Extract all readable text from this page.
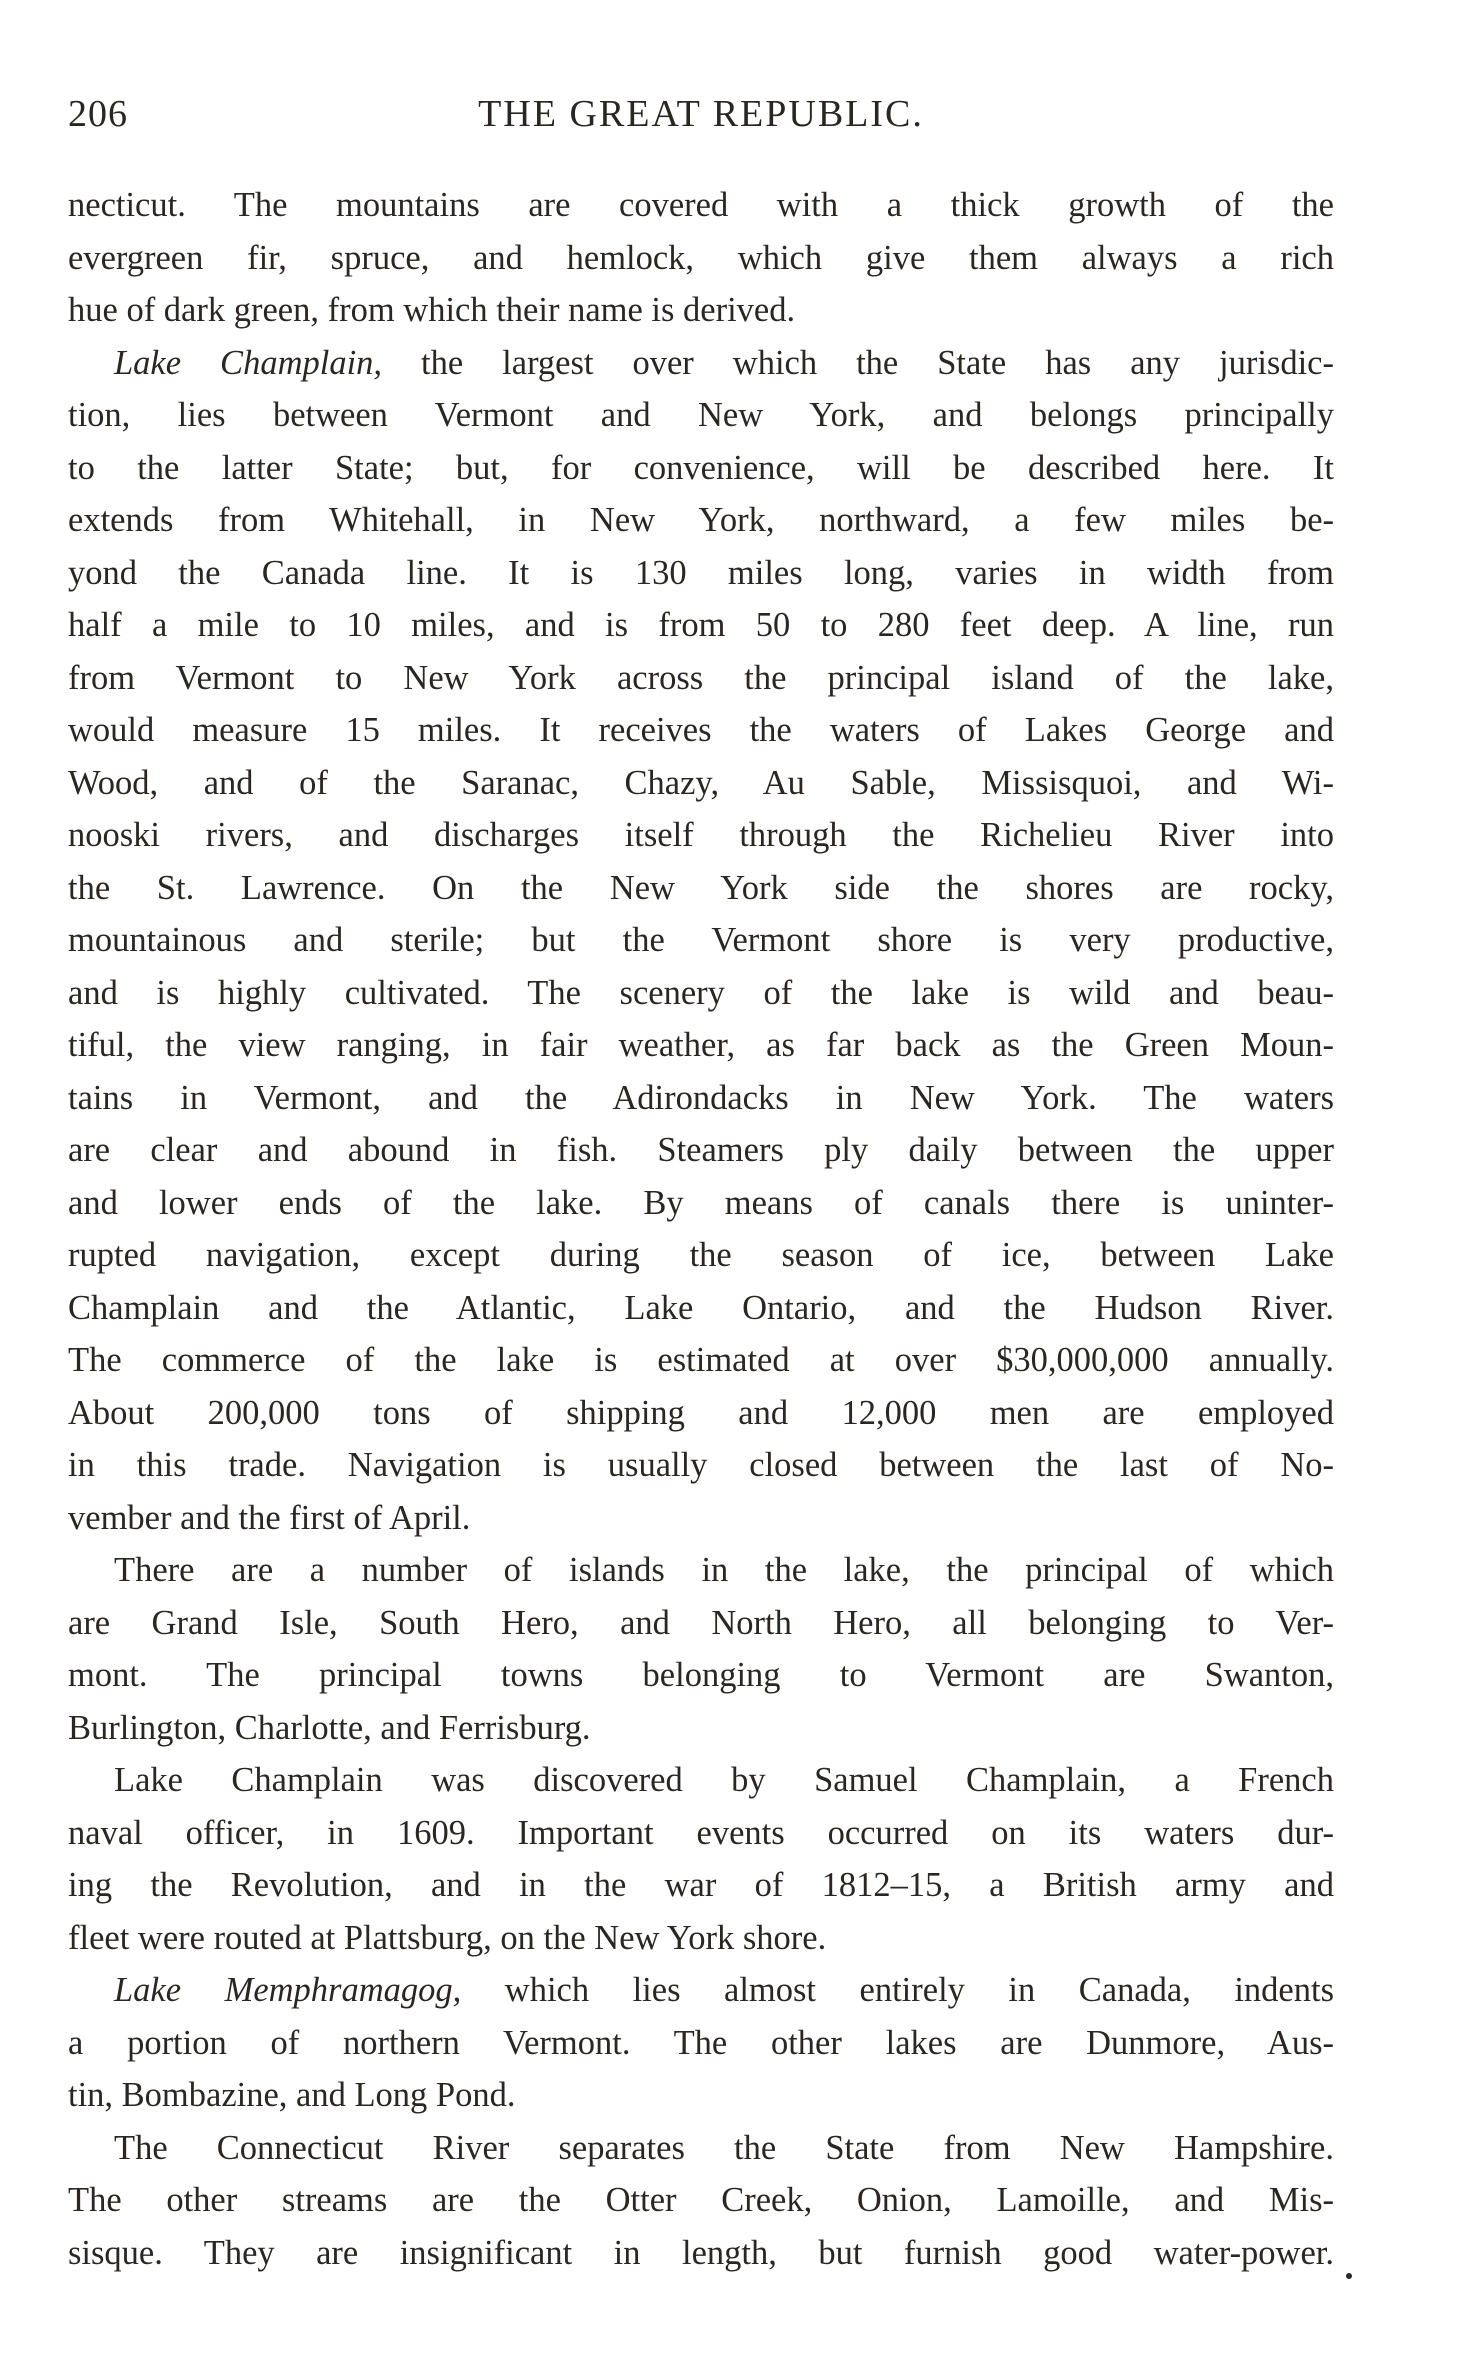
206	THE GREAT REPUBLIC.
necticut. The mountains are covered with a thick growth of the
evergreen fir, spruce, and hemlock, which give them always a rich
hue of dark green, from which their name is derived.
Lake Champlain, the largest over which the State has any jurisdic-
tion, lies between Vermont and New York, and belongs principally
to the latter State; but, for convenience, will be described here. It
extends from Whitehall, in New York, northward, a few miles be-
yond the Canada line. It is 130 miles long, varies in width from
half a mile to 10 miles, and is from 50 to 280 feet deep. A line, run
from Vermont to New York across the principal island of the lake,
would measure 15 miles. It receives the waters of Lakes George and
Wood, and of the Saranac, Chazy, Au Sable, Missisquoi, and Wi-
nooski rivers, and discharges itself through the Richelieu River into
the St. Lawrence. On the New York side the shores are rocky,
mountainous and sterile; but the Vermont shore is very productive,
and is highly cultivated. The scenery of the lake is wild and beau-
tiful, the view ranging, in fair weather, as far back as the Green Moun-
tains in Vermont, and the Adirondacks in New York. The waters
are clear and abound in fish. Steamers ply daily between the upper
and lower ends of the lake. By means of canals there is uninter-
rupted navigation, except during the season of ice, between Lake
Champlain and the Atlantic, Lake Ontario, and the Hudson River.
The commerce of the lake is estimated at over $30,000,000 annually.
About 200,000 tons of shipping and 12,000 men are employed
in this trade. Navigation is usually closed between the last of No-
vember and the first of April.
There are a number of islands in the lake, the principal of which
are Grand Isle, South Hero, and North Hero, all belonging to Ver-
mont. The principal towns belonging to Vermont are Swanton,
Burlington, Charlotte, and Ferrisburg.
Lake Champlain was discovered by Samuel Champlain, a French
naval officer, in 1609. Important events occurred on its waters dur-
ing the Revolution, and in the war of 1812–15, a British army and
fleet were routed at Plattsburg, on the New York shore.
Lake Memphramagog, which lies almost entirely in Canada, indents
a portion of northern Vermont. The other lakes are Dunmore, Aus-
tin, Bombazine, and Long Pond.
The Connecticut River separates the State from New Hampshire.
The other streams are the Otter Creek, Onion, Lamoille, and Mis-
sisque. They are insignificant in length, but furnish good water-power.
